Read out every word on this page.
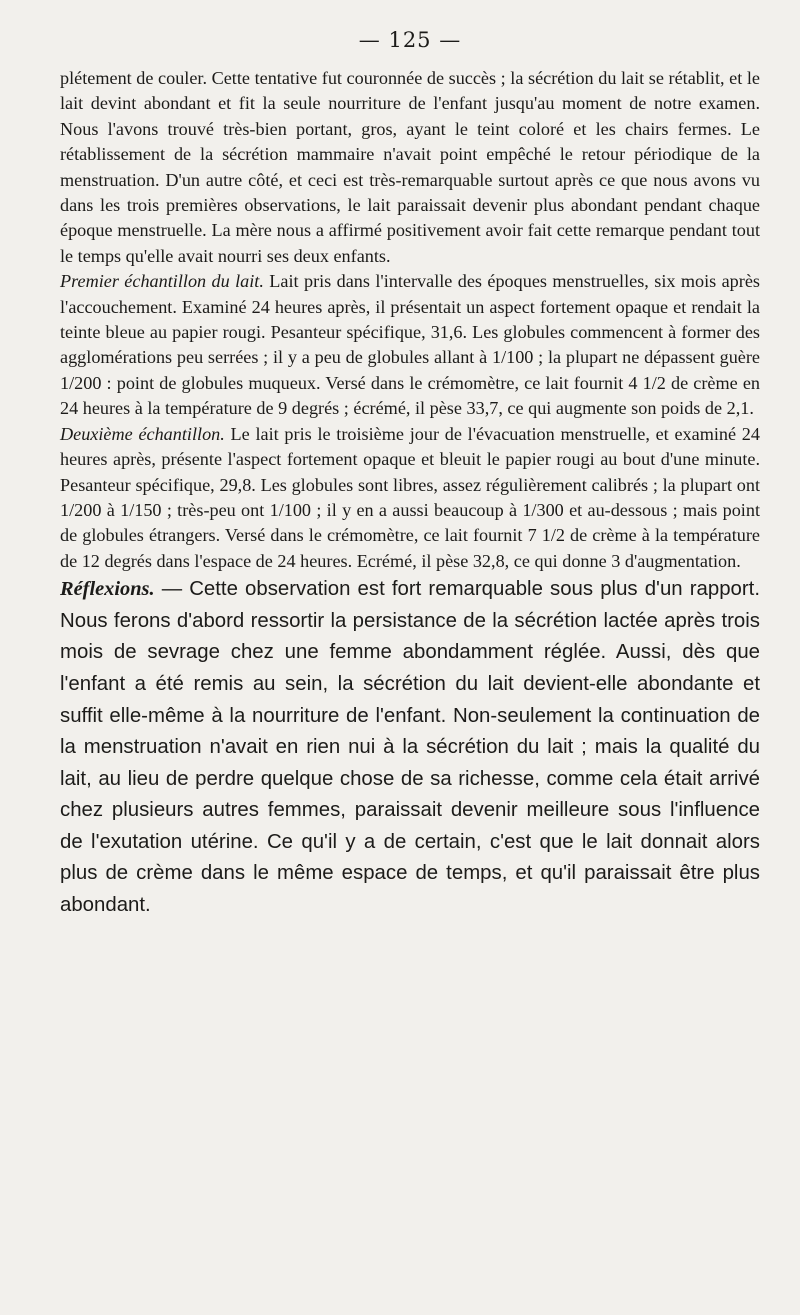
— 125 —

plétement de couler. Cette tentative fut couronnée de succès ; la sécrétion du lait se rétablit, et le lait devint abondant et fit la seule nourriture de l'enfant jusqu'au moment de notre examen. Nous l'avons trouvé très-bien portant, gros, ayant le teint coloré et les chairs fermes. Le rétablissement de la sécrétion mammaire n'avait point empêché le retour périodique de la menstruation. D'un autre côté, et ceci est très-remarquable surtout après ce que nous avons vu dans les trois premières observations, le lait paraissait devenir plus abondant pendant chaque époque menstruelle. La mère nous a affirmé positivement avoir fait cette remarque pendant tout le temps qu'elle avait nourri ses deux enfants.

Premier échantillon du lait. Lait pris dans l'intervalle des époques menstruelles, six mois après l'accouchement. Examiné 24 heures après, il présentait un aspect fortement opaque et rendait la teinte bleue au papier rougi. Pesanteur spécifique, 31,6. Les globules commencent à former des agglomérations peu serrées ; il y a peu de globules allant à 1/100 ; la plupart ne dépassent guère 1/200 : point de globules muqueux. Versé dans le crémomètre, ce lait fournit 4 1/2 de crème en 24 heures à la température de 9 degrés ; écrémé, il pèse 33,7, ce qui augmente son poids de 2,1.

Deuxième échantillon. Le lait pris le troisième jour de l'évacuation menstruelle, et examiné 24 heures après, présente l'aspect fortement opaque et bleuit le papier rougi au bout d'une minute. Pesanteur spécifique, 29,8. Les globules sont libres, assez régulièrement calibrés ; la plupart ont 1/200 à 1/150 ; très-peu ont 1/100 ; il y en a aussi beaucoup à 1/300 et au-dessous ; mais point de globules étrangers. Versé dans le crémomètre, ce lait fournit 7 1/2 de crème à la température de 12 degrés dans l'espace de 24 heures. Ecrémé, il pèse 32,8, ce qui donne 3 d'augmentation.

Réflexions. — Cette observation est fort remarquable sous plus d'un rapport. Nous ferons d'abord ressortir la persistance de la sécrétion lactée après trois mois de sevrage chez une femme abondamment réglée. Aussi, dès que l'enfant a été remis au sein, la sécrétion du lait devient-elle abondante et suffit elle-même à la nourriture de l'enfant. Non-seulement la continuation de la menstruation n'avait en rien nui à la sécrétion du lait ; mais la qualité du lait, au lieu de perdre quelque chose de sa richesse, comme cela était arrivé chez plusieurs autres femmes, paraissait devenir meilleure sous l'influence de l'exutation utérine. Ce qu'il y a de certain, c'est que le lait donnait alors plus de crème dans le même espace de temps, et qu'il paraissait être plus abondant.
